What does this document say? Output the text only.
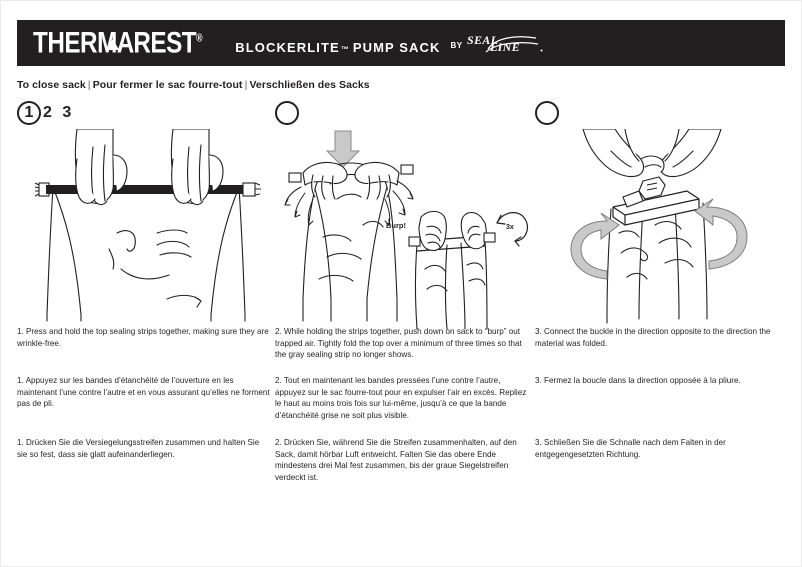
THERMAREST®
BLOCKERLITE ™ PUMP SACK BY SEAL
LINE
To close sack | Pour fermer le sac fourre-tout | Verschließen des Sacks
1 2 3
Burp!	3x
1. Press and hold the top sealing strips together, making sure they are wrinkle-free.
2. While holding the strips together, push down on sack to “burp” out trapped air. Tightly fold the top over a minimum of three times so that the gray sealing strip no longer shows.
3. Connect the buckle in the direction opposite to the direction the material was folded.
1. Appuyez sur les bandes d’étanchéité de l’ouverture en les maintenant l’une contre l’autre et en vous assurant qu’elles ne forment pas de pli.
2. Tout en maintenant les bandes pressées l’une contre l’autre, appuyez sur le sac fourre-tout pour en expulser l’air en excès. Repliez le haut au moins trois fois sur lui-même, jusqu’à ce que la bande d’étanchéité grise ne soit plus visible.
3. Fermez la boucle dans la direction opposée à la pliure.
1. Drücken Sie die Versiegelungsstreifen zusammen und halten Sie sie so fest, dass sie glatt aufeinanderliegen.
2. Drücken Sie, während Sie die Streifen zusammenhalten, auf den Sack, damit hörbar Luft entweicht. Falten Sie das obere Ende mindestens drei Mal fest zusammen, bis der graue Siegelstreifen verdeckt ist.
3. Schließen Sie die Schnalle nach dem Falten in der entgegengesetzten Richtung.
